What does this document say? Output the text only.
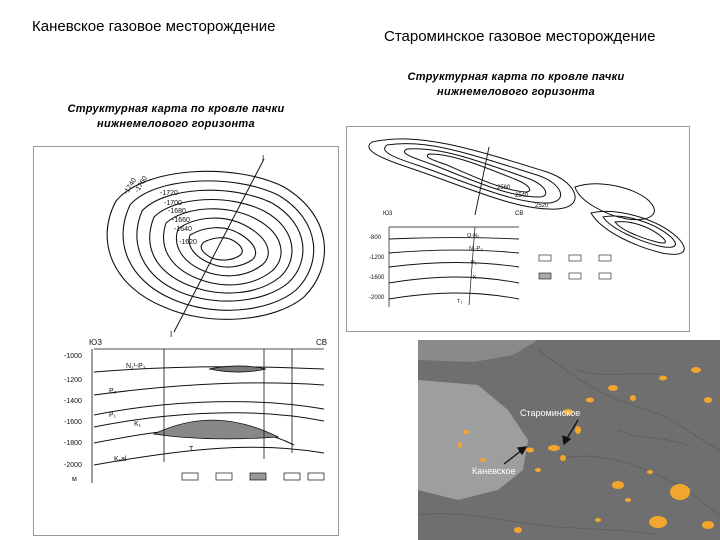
Каневское газовое месторождение
Староминское газовое месторождение
Структурная карта по кровле пачки
нижнемелового горизонта
Структурная карта по кровле пачки
нижнемелового горизонта
I
I
-1740
-1760 -1720
-1700
-1680
-1660
-1640
-1620
ЮЗ	СВ
-1000
-1200
-1400
-1600
-1800
-2000
м
N₁¹-P₃
P₂
P₁
K₁
T
K₁al
2560
2540
2520
Ю3	СВ
-800
-1200
-1600
-2000
Q-N₂
N₁-P₃
P₂
K
T₁
Староминское
Каневское
